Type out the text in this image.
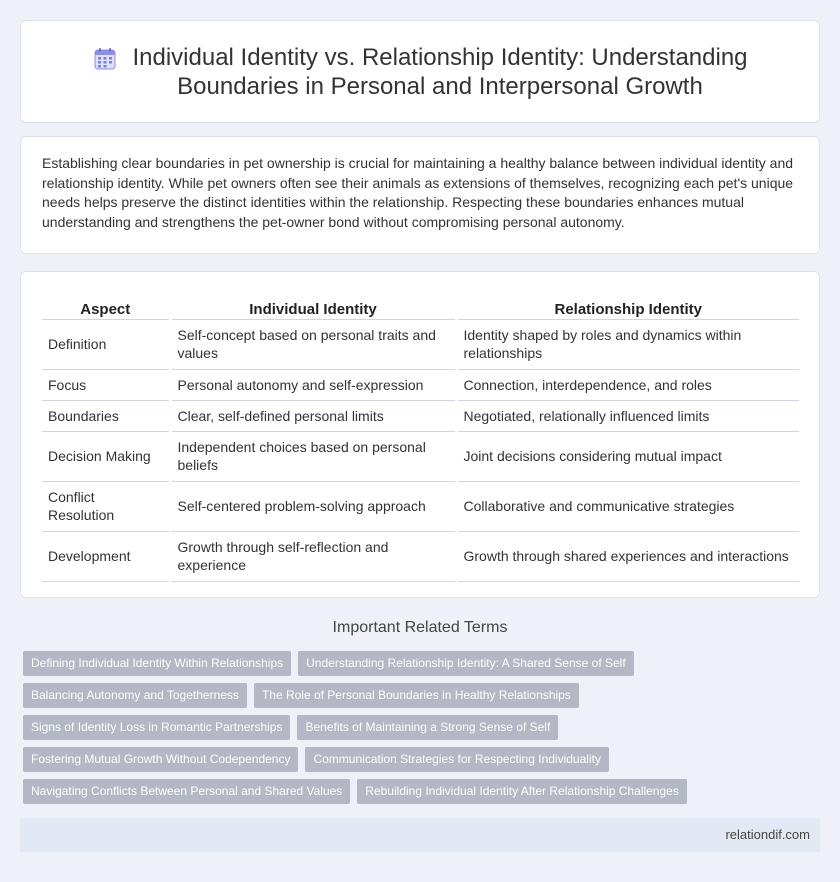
Individual Identity vs. Relationship Identity: Understanding Boundaries in Personal and Interpersonal Growth

Establishing clear boundaries in pet ownership is crucial for maintaining a healthy balance between individual identity and relationship identity. While pet owners often see their animals as extensions of themselves, recognizing each pet's unique needs helps preserve the distinct identities within the relationship. Respecting these boundaries enhances mutual understanding and strengthens the pet-owner bond without compromising personal autonomy.

Aspect	Individual Identity	Relationship Identity
Definition	Self-concept based on personal traits and values	Identity shaped by roles and dynamics within relationships
Focus	Personal autonomy and self-expression	Connection, interdependence, and roles
Boundaries	Clear, self-defined personal limits	Negotiated, relationally influenced limits
Decision Making	Independent choices based on personal beliefs	Joint decisions considering mutual impact
Conflict Resolution	Self-centered problem-solving approach	Collaborative and communicative strategies
Development	Growth through self-reflection and experience	Growth through shared experiences and interactions
Important Related Terms
Defining Individual Identity Within Relationships	Understanding Relationship Identity: A Shared Sense of Self
Balancing Autonomy and Togetherness	The Role of Personal Boundaries in Healthy Relationships
Signs of Identity Loss in Romantic Partnerships	Benefits of Maintaining a Strong Sense of Self
Fostering Mutual Growth Without Codependency	Communication Strategies for Respecting Individuality
Navigating Conflicts Between Personal and Shared Values	Rebuilding Individual Identity After Relationship Challenges
relationdif.com
